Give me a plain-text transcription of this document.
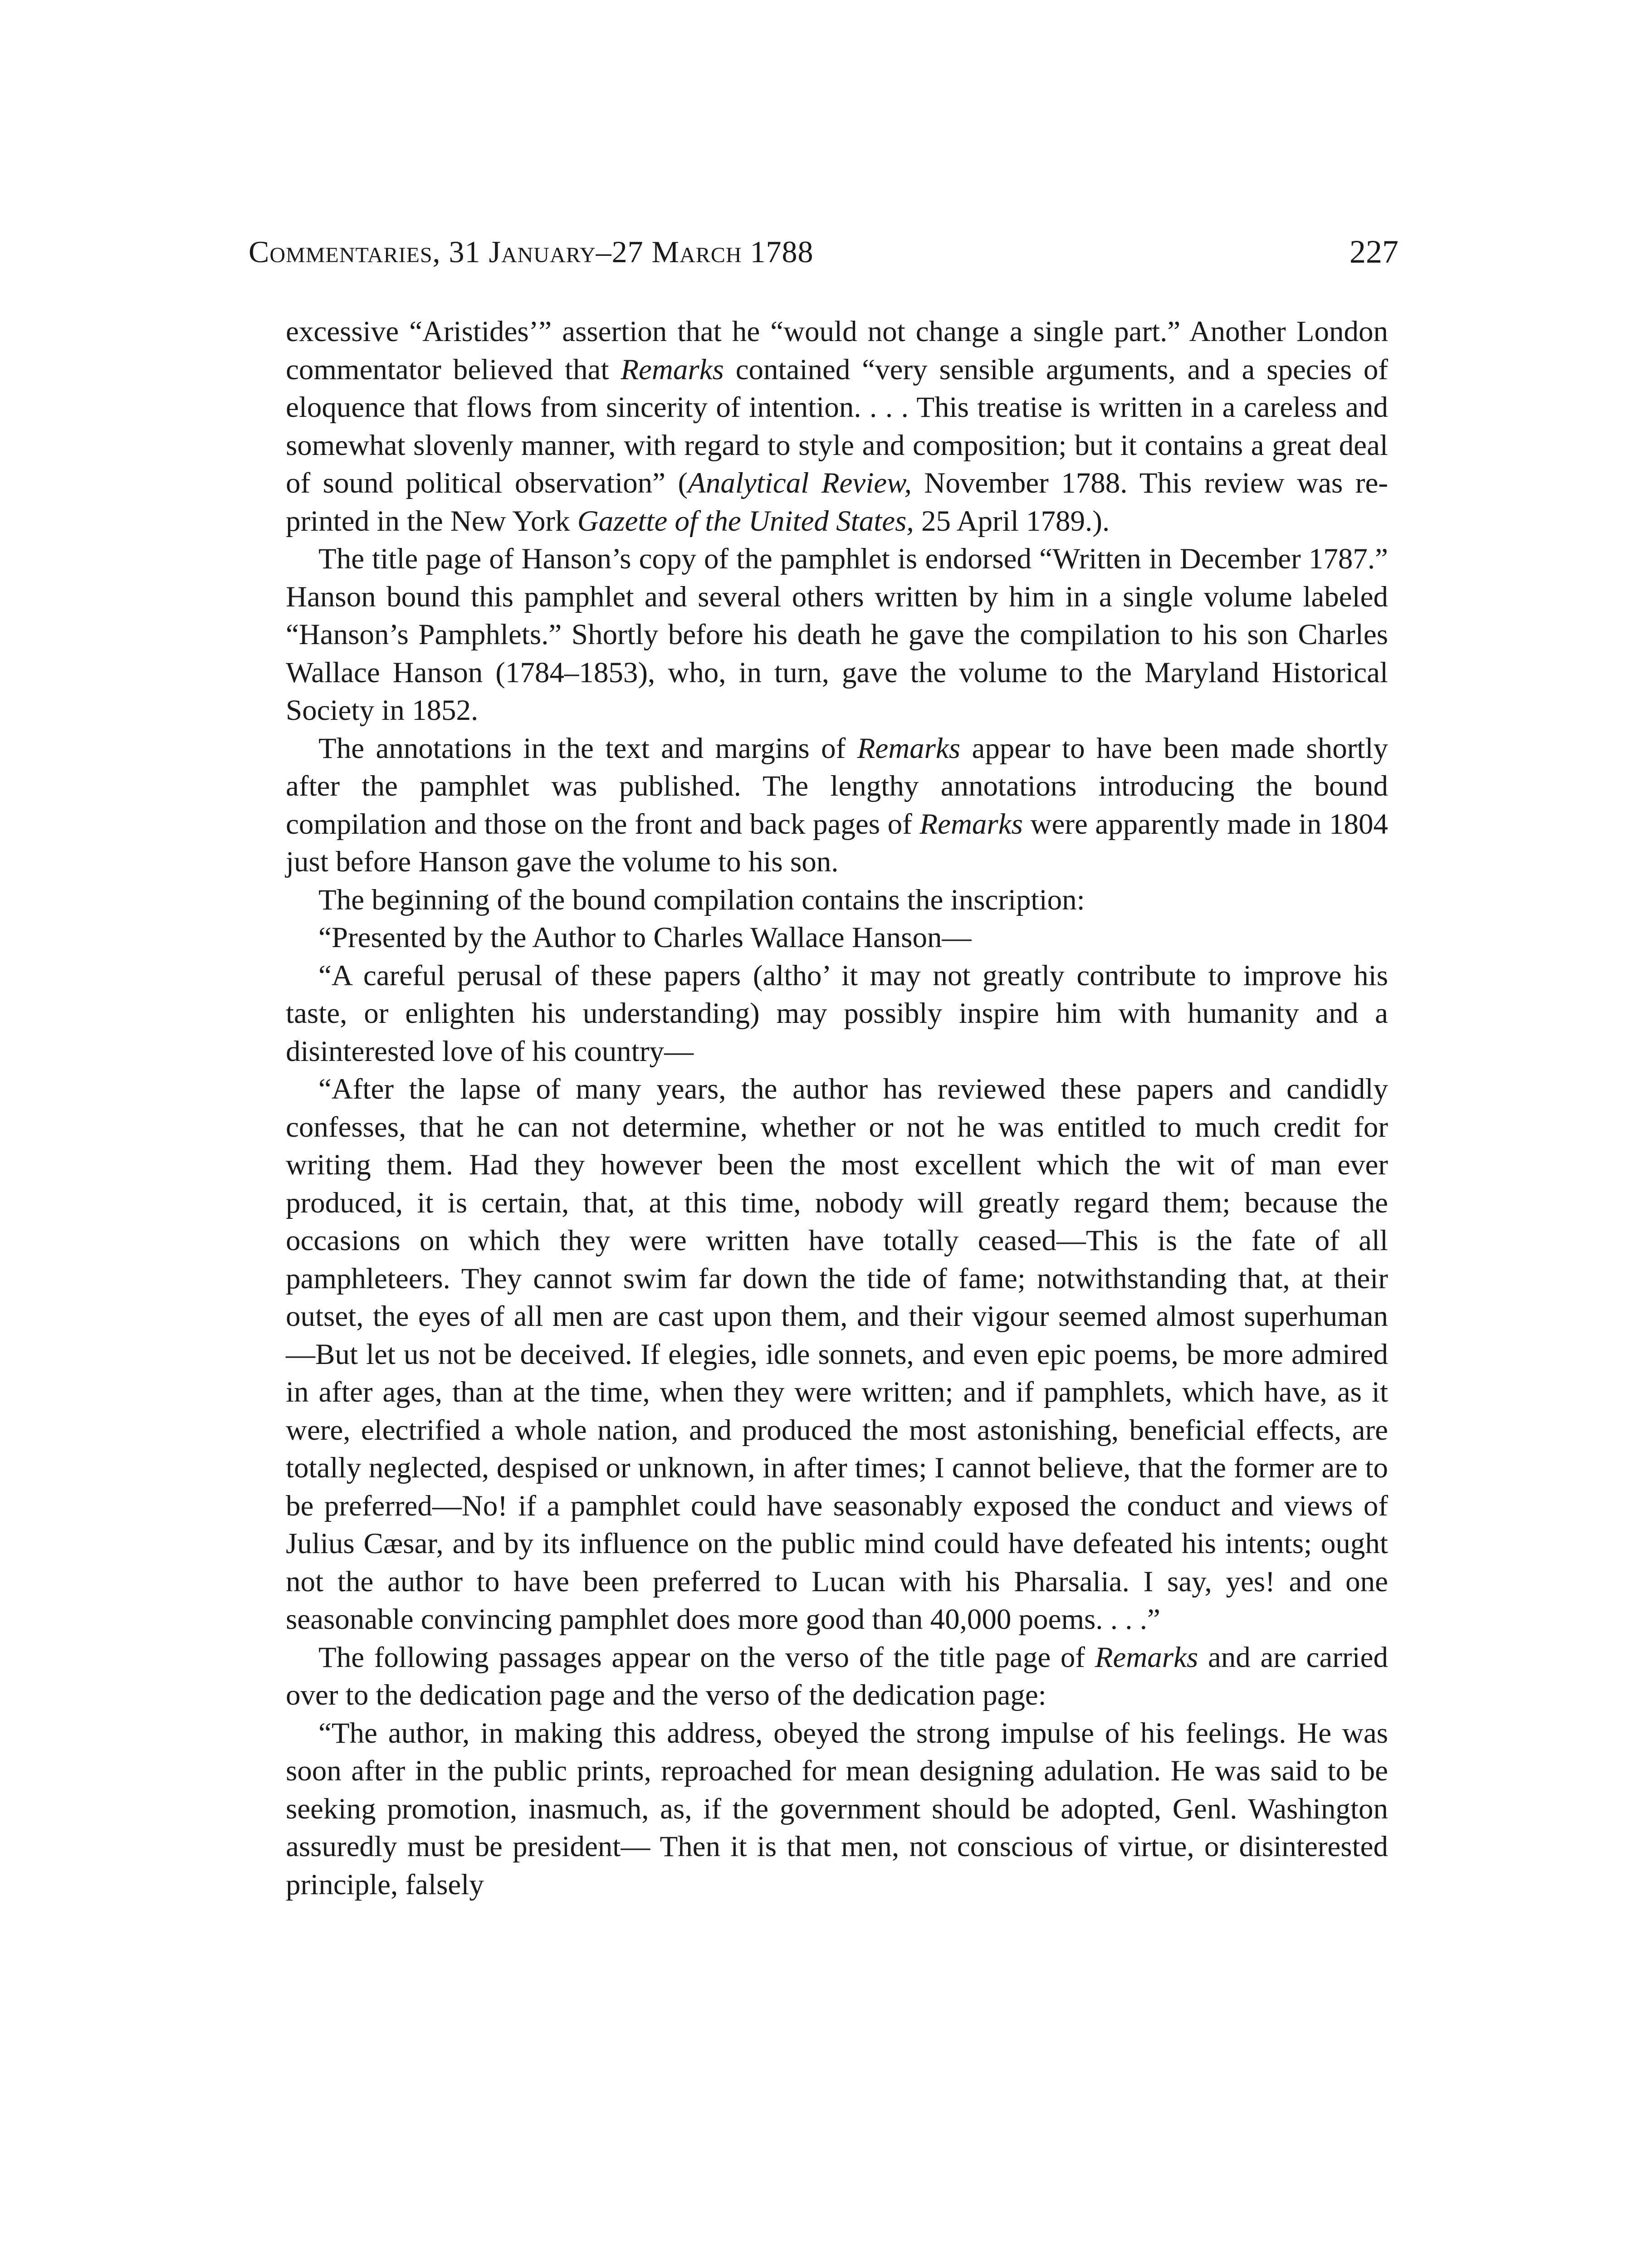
Commentaries, 31 January–27 March 1788	227

excessive “Aristides’” assertion that he “would not change a single part.” Another London commentator believed that Remarks contained “very sensible arguments, and a species of eloquence that flows from sincerity of intention. . . . This treatise is written in a careless and somewhat slovenly manner, with regard to style and composition; but it contains a great deal of sound political observation” (Analytical Review, November 1788. This review was reprinted in the New York Gazette of the United States, 25 April 1789.).

The title page of Hanson’s copy of the pamphlet is endorsed “Written in December 1787.” Hanson bound this pamphlet and several others written by him in a single volume labeled “Hanson’s Pamphlets.” Shortly before his death he gave the compilation to his son Charles Wallace Hanson (1784–1853), who, in turn, gave the volume to the Maryland Historical Society in 1852.

The annotations in the text and margins of Remarks appear to have been made shortly after the pamphlet was published. The lengthy annotations introducing the bound compilation and those on the front and back pages of Remarks were apparently made in 1804 just before Hanson gave the volume to his son.

The beginning of the bound compilation contains the inscription:

“Presented by the Author to Charles Wallace Hanson—

“A careful perusal of these papers (altho’ it may not greatly contribute to improve his taste, or enlighten his understanding) may possibly inspire him with humanity and a disinterested love of his country—

“After the lapse of many years, the author has reviewed these papers and candidly confesses, that he can not determine, whether or not he was entitled to much credit for writing them. Had they however been the most excellent which the wit of man ever produced, it is certain, that, at this time, nobody will greatly regard them; because the occasions on which they were written have totally ceased—This is the fate of all pamphleteers. They cannot swim far down the tide of fame; notwithstanding that, at their outset, the eyes of all men are cast upon them, and their vigour seemed almost superhuman—But let us not be deceived. If elegies, idle sonnets, and even epic poems, be more admired in after ages, than at the time, when they were written; and if pamphlets, which have, as it were, electrified a whole nation, and produced the most astonishing, beneficial effects, are totally neglected, despised or unknown, in after times; I cannot believe, that the former are to be preferred—No! if a pamphlet could have seasonably exposed the conduct and views of Julius Cæsar, and by its influence on the public mind could have defeated his intents; ought not the author to have been preferred to Lucan with his Pharsalia. I say, yes! and one seasonable convincing pamphlet does more good than 40,000 poems. . . .”

The following passages appear on the verso of the title page of Remarks and are carried over to the dedication page and the verso of the dedication page:

“The author, in making this address, obeyed the strong impulse of his feelings. He was soon after in the public prints, reproached for mean designing adulation. He was said to be seeking promotion, inasmuch, as, if the government should be adopted, Genl. Washington assuredly must be president— Then it is that men, not conscious of virtue, or disinterested principle, falsely
